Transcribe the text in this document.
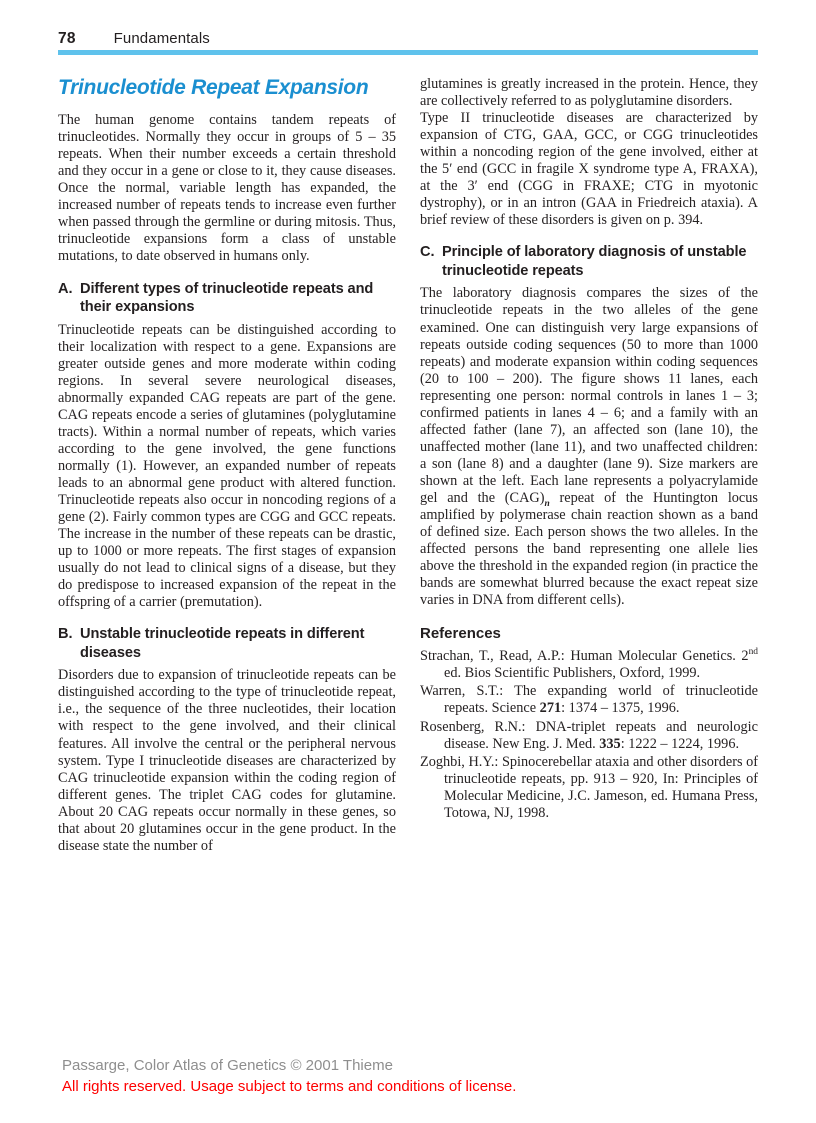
78	Fundamentals
Trinucleotide Repeat Expansion

The human genome contains tandem repeats of trinucleotides. Normally they occur in groups of 5 – 35 repeats. When their number exceeds a certain threshold and they occur in a gene or close to it, they cause diseases. Once the normal, variable length has expanded, the increased number of repeats tends to increase even further when passed through the germline or during mitosis. Thus, trinucleotide expansions form a class of unstable mutations, to date observed in humans only.

A. Different types of trinucleotide repeats and their expansions

Trinucleotide repeats can be distinguished according to their localization with respect to a gene. Expansions are greater outside genes and more moderate within coding regions. In several severe neurological diseases, abnormally expanded CAG repeats are part of the gene. CAG repeats encode a series of glutamines (polyglutamine tracts). Within a normal number of repeats, which varies according to the gene involved, the gene functions normally (1). However, an expanded number of repeats leads to an abnormal gene product with altered function. Trinucleotide repeats also occur in noncoding regions of a gene (2). Fairly common types are CGG and GCC repeats. The increase in the number of these repeats can be drastic, up to 1000 or more repeats. The first stages of expansion usually do not lead to clinical signs of a disease, but they do predispose to increased expansion of the repeat in the offspring of a carrier (premutation).

B. Unstable trinucleotide repeats in different diseases

Disorders due to expansion of trinucleotide repeats can be distinguished according to the type of trinucleotide repeat, i.e., the sequence of the three nucleotides, their location with respect to the gene involved, and their clinical features. All involve the central or the peripheral nervous system. Type I trinucleotide diseases are characterized by CAG trinucleotide expansion within the coding region of different genes. The triplet CAG codes for glutamine. About 20 CAG repeats occur normally in these genes, so that about 20 glutamines occur in the gene product. In the disease state the number of

glutamines is greatly increased in the protein. Hence, they are collectively referred to as polyglutamine disorders.

Type II trinucleotide diseases are characterized by expansion of CTG, GAA, GCC, or CGG trinucleotides within a noncoding region of the gene involved, either at the 5′ end (GCC in fragile X syndrome type A, FRAXA), at the 3′ end (CGG in FRAXE; CTG in myotonic dystrophy), or in an intron (GAA in Friedreich ataxia). A brief review of these disorders is given on p. 394.

C. Principle of laboratory diagnosis of unstable trinucleotide repeats

The laboratory diagnosis compares the sizes of the trinucleotide repeats in the two alleles of the gene examined. One can distinguish very large expansions of repeats outside coding sequences (50 to more than 1000 repeats) and moderate expansion within coding sequences (20 to 100 – 200). The figure shows 11 lanes, each representing one person: normal controls in lanes 1 – 3; confirmed patients in lanes 4 – 6; and a family with an affected father (lane 7), an affected son (lane 10), the unaffected mother (lane 11), and two unaffected children: a son (lane 8) and a daughter (lane 9). Size markers are shown at the left. Each lane represents a polyacrylamide gel and the $(CAG)_n$ repeat of the Huntington locus amplified by polymerase chain reaction shown as a band of defined size. Each person shows the two alleles. In the affected persons the band representing one allele lies above the threshold in the expanded region (in practice the bands are somewhat blurred because the exact repeat size varies in DNA from different cells).

References

Strachan, T., Read, A.P.: Human Molecular Genetics. 2nd ed. Bios Scientific Publishers, Oxford, 1999.

Warren, S.T.: The expanding world of trinucleotide repeats. Science 271: 1374 – 1375, 1996.

Rosenberg, R.N.: DNA-triplet repeats and neurologic disease. New Eng. J. Med. 335: 1222 – 1224, 1996.

Zoghbi, H.Y.: Spinocerebellar ataxia and other disorders of trinucleotide repeats, pp. 913 – 920, In: Principles of Molecular Medicine, J.C. Jameson, ed. Humana Press, Totowa, NJ, 1998.

Passarge, Color Atlas of Genetics © 2001 Thieme
All rights reserved. Usage subject to terms and conditions of license.
